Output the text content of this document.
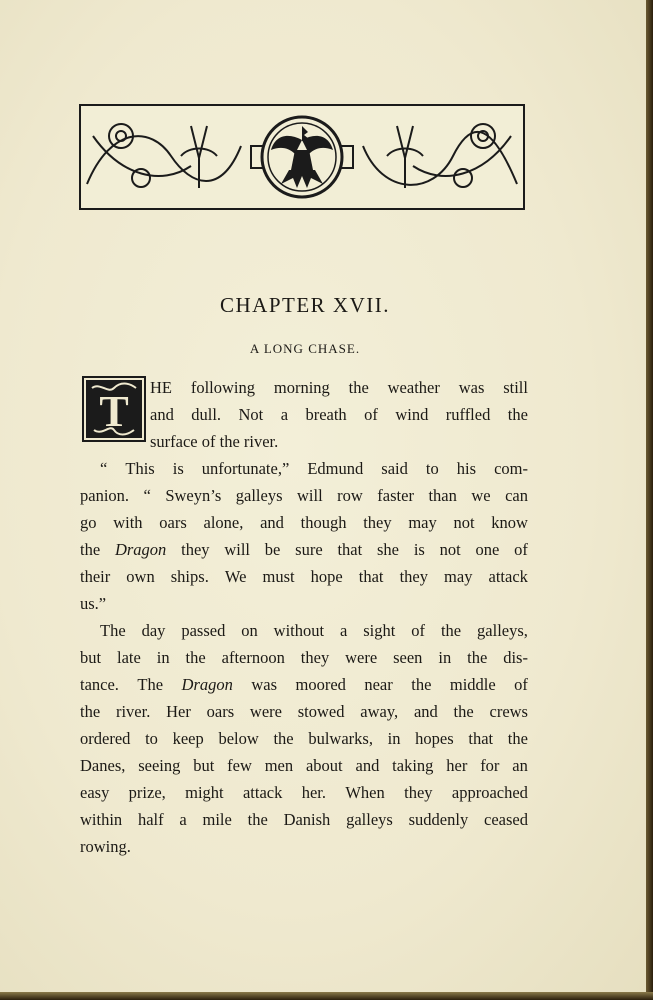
CHAPTER XVII.
A LONG CHASE.
T HE following morning the weather was still
and dull. Not a breath of wind ruffled the
surface of the river.
“ This is unfortunate,” Edmund said to his com-
panion. “ Sweyn’s galleys will row faster than we can
go with oars alone, and though they may not know
the Dragon they will be sure that she is not one of
their own ships. We must hope that they may attack
us.”
The day passed on without a sight of the galleys,
but late in the afternoon they were seen in the dis-
tance. The Dragon was moored near the middle of
the river. Her oars were stowed away, and the crews
ordered to keep below the bulwarks, in hopes that the
Danes, seeing but few men about and taking her for an
easy prize, might attack her. When they approached
within half a mile the Danish galleys suddenly ceased
rowing.
